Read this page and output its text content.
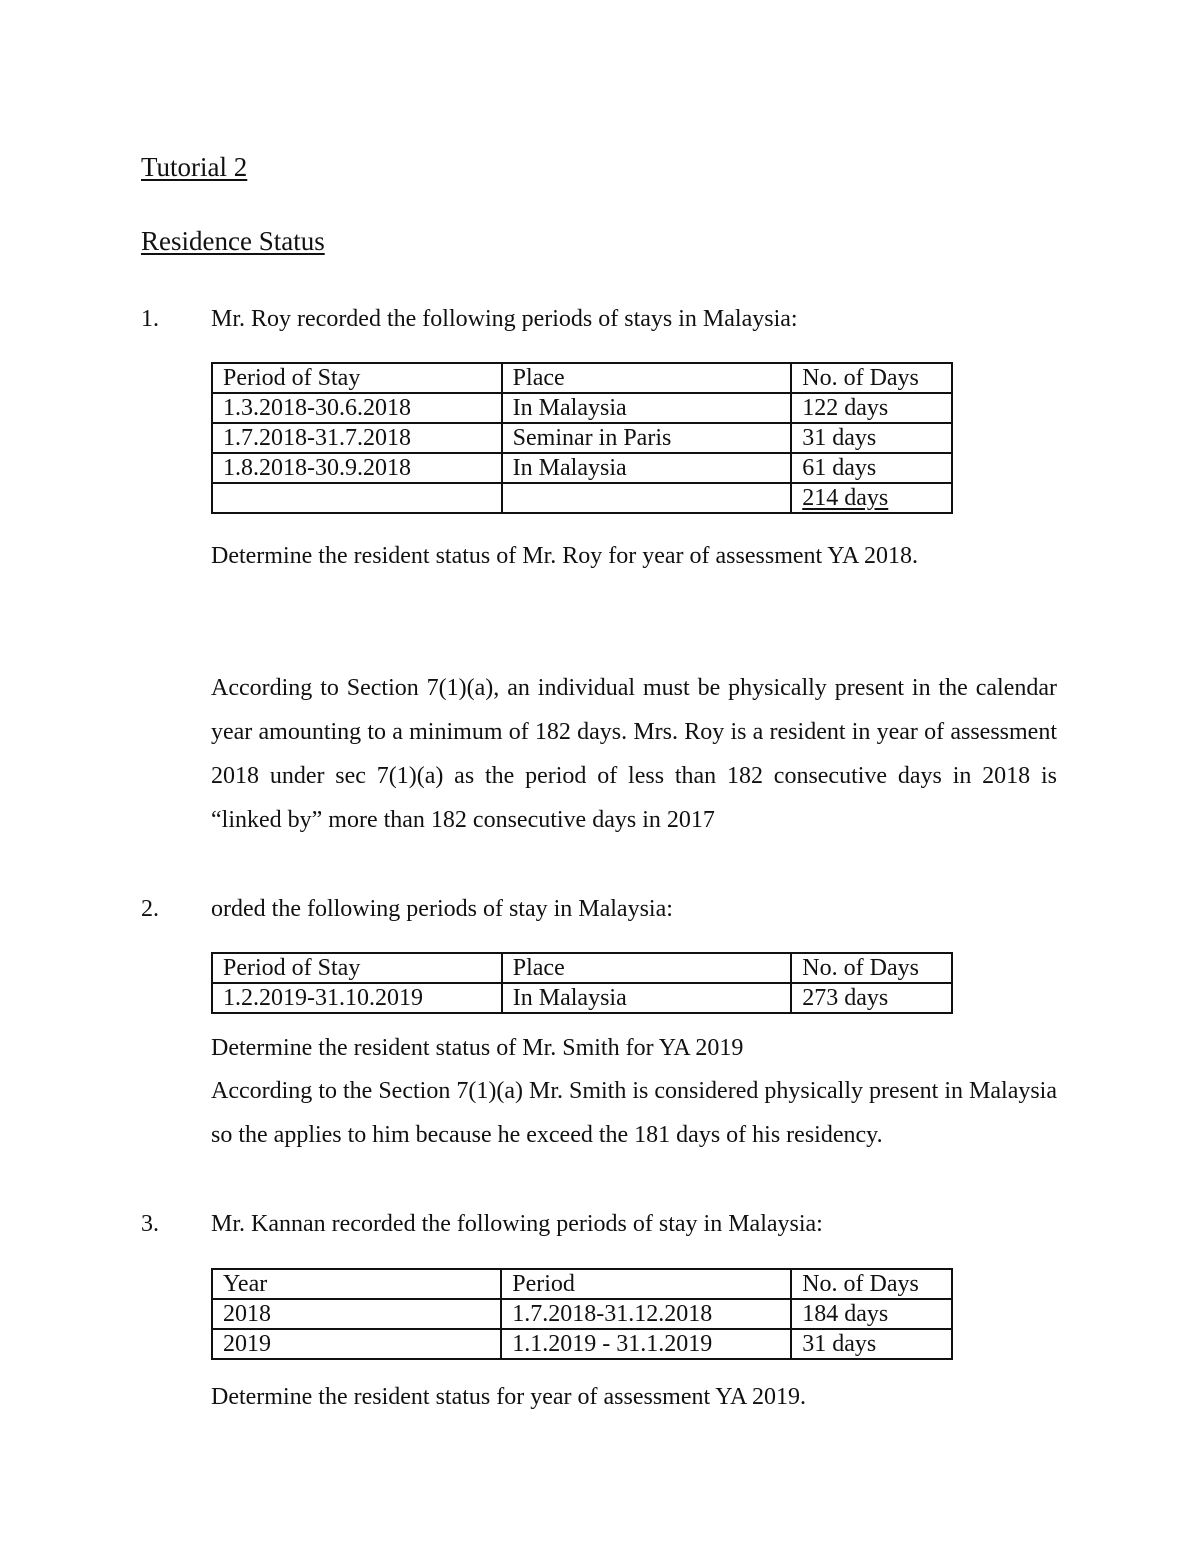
Tutorial 2
Residence Status
1. Mr. Roy recorded the following periods of stays in Malaysia:
Period of Stay	Place	No. of Days
1.3.2018-30.6.2018	In Malaysia	122 days
1.7.2018-31.7.2018	Seminar in Paris	31 days
1.8.2018-30.9.2018	In Malaysia	61 days
		214 days
Determine the resident status of Mr. Roy for year of assessment YA 2018.
According to Section 7(1)(a), an individual must be physically present in the calendar year amounting to a minimum of 182 days. Mrs. Roy is a resident in year of assessment 2018 under sec 7(1)(a) as the period of less than 182 consecutive days in 2018 is “linked by” more than 182 consecutive days in 2017
2. orded the following periods of stay in Malaysia:
Period of Stay	Place	No. of Days
1.2.2019-31.10.2019	In Malaysia	273 days
Determine the resident status of Mr. Smith for YA 2019
According to the Section 7(1)(a) Mr. Smith is considered physically present in Malaysia so the applies to him because he exceed the 181 days of his residency.
3. Mr. Kannan recorded the following periods of stay in Malaysia:
Year	Period	No. of Days
2018	1.7.2018-31.12.2018	184 days
2019	1.1.2019 - 31.1.2019	31 days
Determine the resident status for year of assessment YA 2019.
